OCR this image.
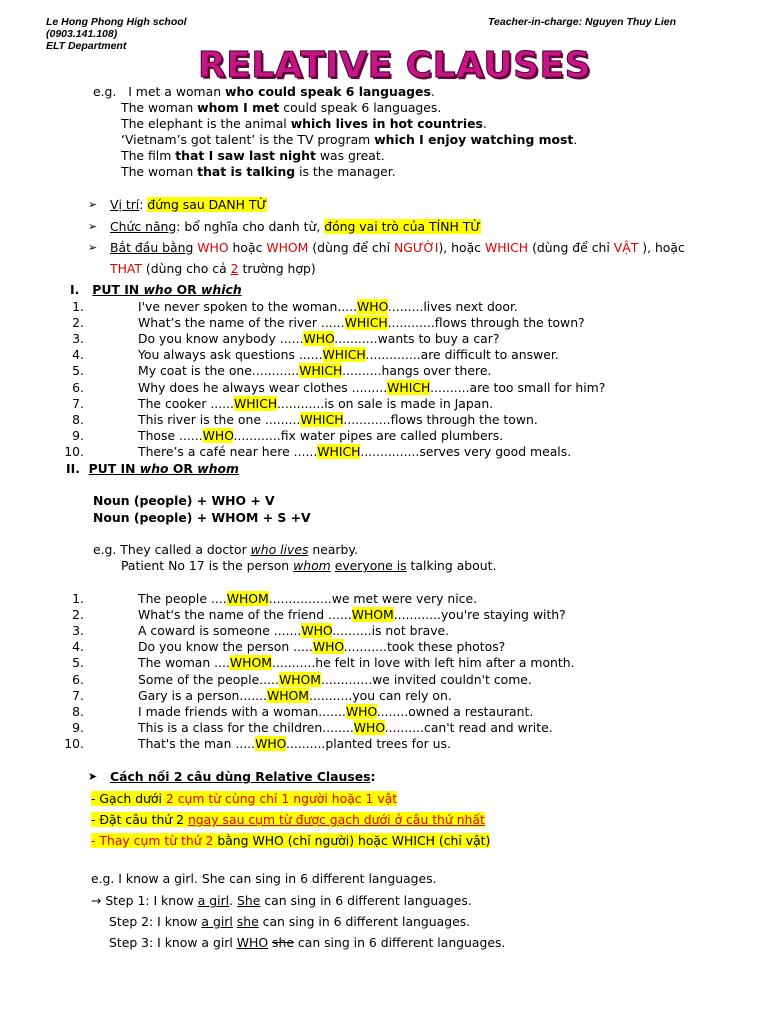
Le Hong Phong High school
(0903.141.108)
ELT Department
Teacher-in-charge: Nguyen Thuy Lien
RELATIVE CLAUSES
e.g. I met a woman who could speak 6 languages.
The woman whom I met could speak 6 languages.
The elephant is the animal which lives in hot countries.
‘Vietnam’s got talent’ is the TV program which I enjoy watching most.
The film that I saw last night was great.
The woman that is talking is the manager.
➢ Vị trí: đứng sau DANH TỪ
➢ Chức năng: bổ nghĩa cho danh từ, đóng vai trò của TÍNH TỪ
➢ Bắt đầu bằng WHO hoặc WHOM (dùng để chỉ NGƯỜI), hoặc WHICH (dùng để chỉ VẬT ), hoặc
THAT (dùng cho cả 2 trường hợp)
I. PUT IN who OR which
1.	I've never spoken to the woman.....WHO.........lives next door.
2.	What’s the name of the river ......WHICH............flows through the town?
3.	Do you know anybody ......WHO...........wants to buy a car?
4.	You always ask questions ......WHICH..............are difficult to answer.
5.	My coat is the one............WHICH..........hangs over there.
6.	Why does he always wear clothes .........WHICH..........are too small for him?
7.	The cooker ......WHICH............is on sale is made in Japan.
8.	This river is the one .........WHICH............flows through the town.
9.	Those ......WHO............fix water pipes are called plumbers.
10.	There’s a café near here ......WHICH...............serves very good meals.
II. PUT IN who OR whom
Noun (people) + WHO + V
Noun (people) + WHOM + S +V
e.g. They called a doctor who lives nearby.
Patient No 17 is the person whom everyone is talking about.
1.	The people ....WHOM................we met were very nice.
2.	What's the name of the friend ......WHOM............you're staying with?
3.	A coward is someone .......WHO..........is not brave.
4.	Do you know the person .....WHO...........took these photos?
5.	The woman ....WHOM...........he felt in love with left him after a month.
6.	Some of the people.....WHOM.............we invited couldn't come.
7.	Gary is a person.......WHOM...........you can rely on.
8.	I made friends with a woman.......WHO........owned a restaurant.
9.	This is a class for the children........WHO..........can't read and write.
10.	That's the man .....WHO..........planted trees for us.
➤ Cách nối 2 câu dùng Relative Clauses:
- Gạch dưới 2 cụm từ cùng chỉ 1 người hoặc 1 vật
- Đặt câu thứ 2 ngay sau cụm từ được gạch dưới ở câu thứ nhất
- Thay cụm từ thứ 2 bằng WHO (chỉ người) hoặc WHICH (chỉ vật)
e.g. I know a girl. She can sing in 6 different languages.
→ Step 1: I know a girl. She can sing in 6 different languages.
Step 2: I know a girl she can sing in 6 different languages.
Step 3: I know a girl WHO she can sing in 6 different languages.
